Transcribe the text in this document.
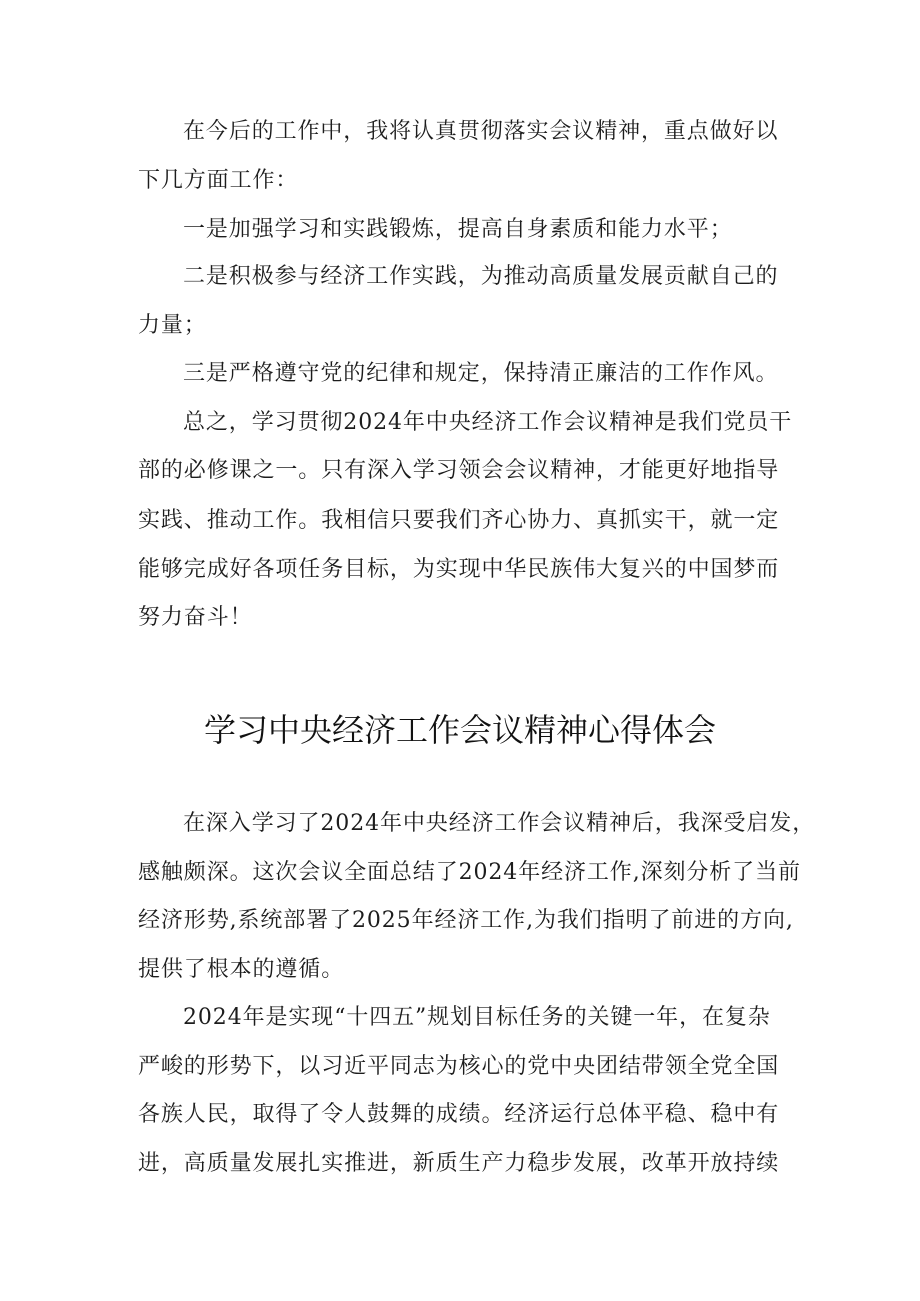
在今后的工作中，我将认真贯彻落实会议精神，重点做好以
下几方面工作：
一是加强学习和实践锻炼，提高自身素质和能力水平；
二是积极参与经济工作实践，为推动高质量发展贡献自己的
力量；
三是严格遵守党的纪律和规定，保持清正廉洁的工作作风。
总之，学习贯彻2024年中央经济工作会议精神是我们党员干
部的必修课之一。只有深入学习领会会议精神，才能更好地指导
实践、推动工作。我相信只要我们齐心协力、真抓实干，就一定
能够完成好各项任务目标，为实现中华民族伟大复兴的中国梦而
努力奋斗！
学习中央经济工作会议精神心得体会
在深入学习了2024年中央经济工作会议精神后，我深受启发，
感触颇深。这次会议全面总结了2024年经济工作,深刻分析了当前
经济形势,系统部署了2025年经济工作,为我们指明了前进的方向,
提供了根本的遵循。
2024年是实现“十四五”规划目标任务的关键一年，在复杂
严峻的形势下，以习近平同志为核心的党中央团结带领全党全国
各族人民，取得了令人鼓舞的成绩。经济运行总体平稳、稳中有
进，高质量发展扎实推进，新质生产力稳步发展，改革开放持续
